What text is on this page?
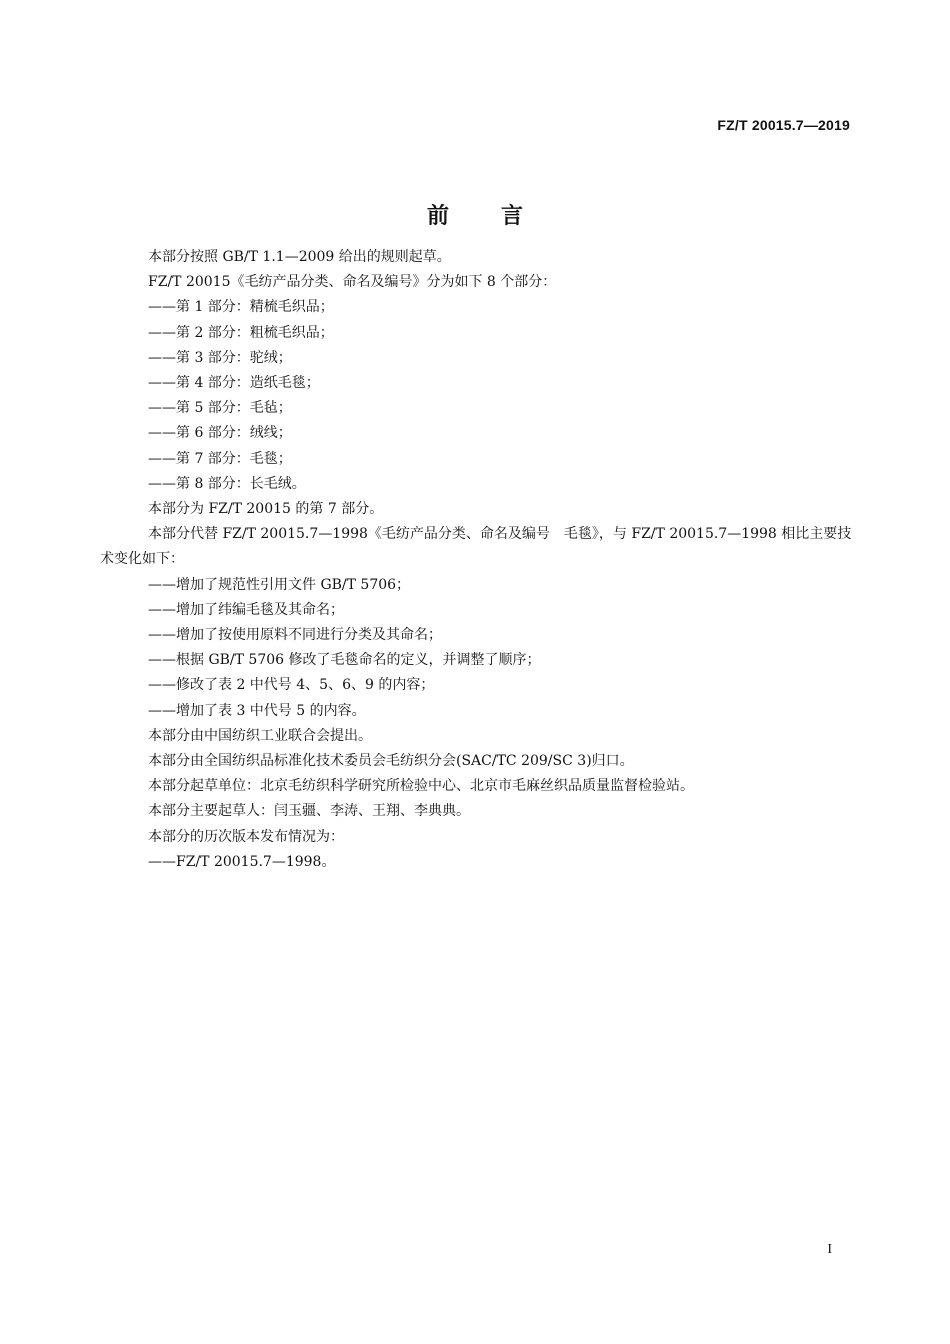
FZ/T 20015.7—2019
前言

本部分按照 GB/T 1.1—2009 给出的规则起草。

FZ/T 20015《毛纺产品分类、命名及编号》分为如下 8 个部分：

——第 1 部分：精梳毛织品；

——第 2 部分：粗梳毛织品；

——第 3 部分：驼绒；

——第 4 部分：造纸毛毯；

——第 5 部分：毛毡；

——第 6 部分：绒线；

——第 7 部分：毛毯；

——第 8 部分：长毛绒。

本部分为 FZ/T 20015 的第 7 部分。

本部分代替 FZ/T 20015.7—1998《毛纺产品分类、命名及编号　毛毯》，与 FZ/T 20015.7—1998 相比主要技术变化如下：

——增加了规范性引用文件 GB/T 5706；

——增加了纬编毛毯及其命名；

——增加了按使用原料不同进行分类及其命名；

——根据 GB/T 5706 修改了毛毯命名的定义，并调整了顺序；

——修改了表 2 中代号 4、5、6、9 的内容；

——增加了表 3 中代号 5 的内容。

本部分由中国纺织工业联合会提出。

本部分由全国纺织品标准化技术委员会毛纺织分会(SAC/TC 209/SC 3)归口。

本部分起草单位：北京毛纺织科学研究所检验中心、北京市毛麻丝织品质量监督检验站。

本部分主要起草人：闫玉疆、李涛、王翔、李典典。

本部分的历次版本发布情况为：

——FZ/T 20015.7—1998。

I
